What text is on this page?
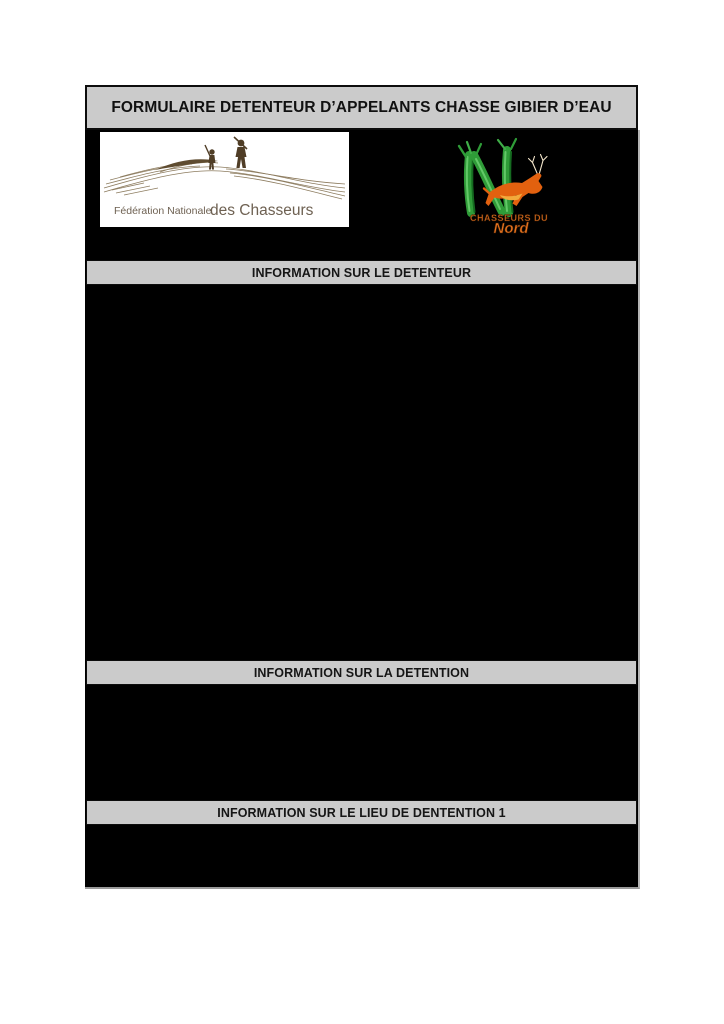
FORMULAIRE DETENTEUR D’APPELANTS CHASSE GIBIER D’EAU
Fédération Nationale
des Chasseurs	CHASSEURS DU
Nord
INFORMATION SUR LE DETENTEUR
INFORMATION SUR LA DETENTION
INFORMATION SUR LE LIEU DE DENTENTION 1
